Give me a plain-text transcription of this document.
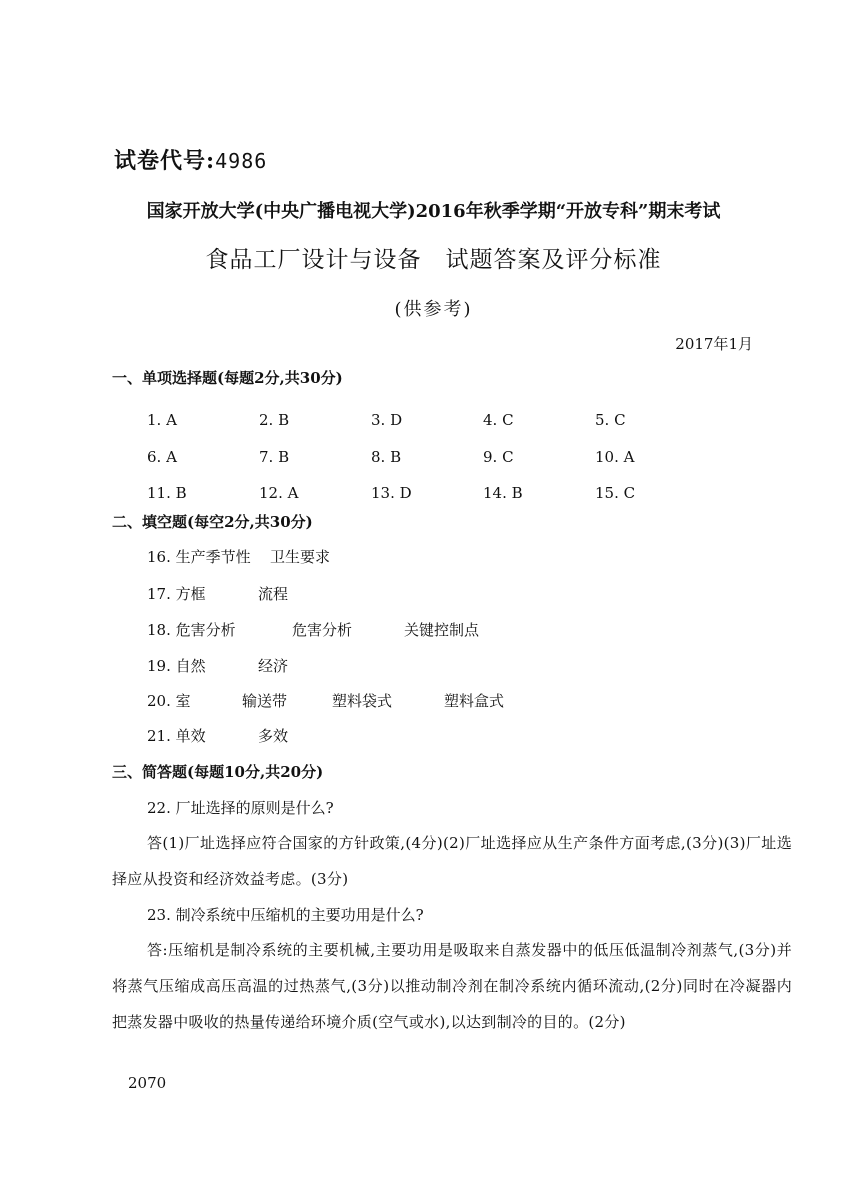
试卷代号:4986
国家开放大学(中央广播电视大学)2016年秋季学期“开放专科”期末考试
食品工厂设计与设备　试题答案及评分标准
(供参考)
2017年1月
一、单项选择题(每题2分,共30分)
1. A	2. B	3. D	4. C	5. C
6. A	7. B	8. B	9. C	10. A
11. B	12. A	13. D	14. B	15. C
二、填空题(每空2分,共30分)
16. 生产季节性 卫生要求
17. 方框	流程
18. 危害分析	危害分析	关键控制点
19. 自然	经济
20. 室	输送带	塑料袋式	塑料盒式
21. 单效	多效
三、简答题(每题10分,共20分)
22. 厂址选择的原则是什么?
答(1)厂址选择应符合国家的方针政策,(4分)(2)厂址选择应从生产条件方面考虑,(3分)(3)厂址选择应从投资和经济效益考虑。(3分)
23. 制冷系统中压缩机的主要功用是什么?
答:压缩机是制冷系统的主要机械,主要功用是吸取来自蒸发器中的低压低温制冷剂蒸气,(3分)并将蒸气压缩成高压高温的过热蒸气,(3分)以推动制冷剂在制冷系统内循环流动,(2分)同时在冷凝器内把蒸发器中吸收的热量传递给环境介质(空气或水),以达到制冷的目的。(2分)
2070
